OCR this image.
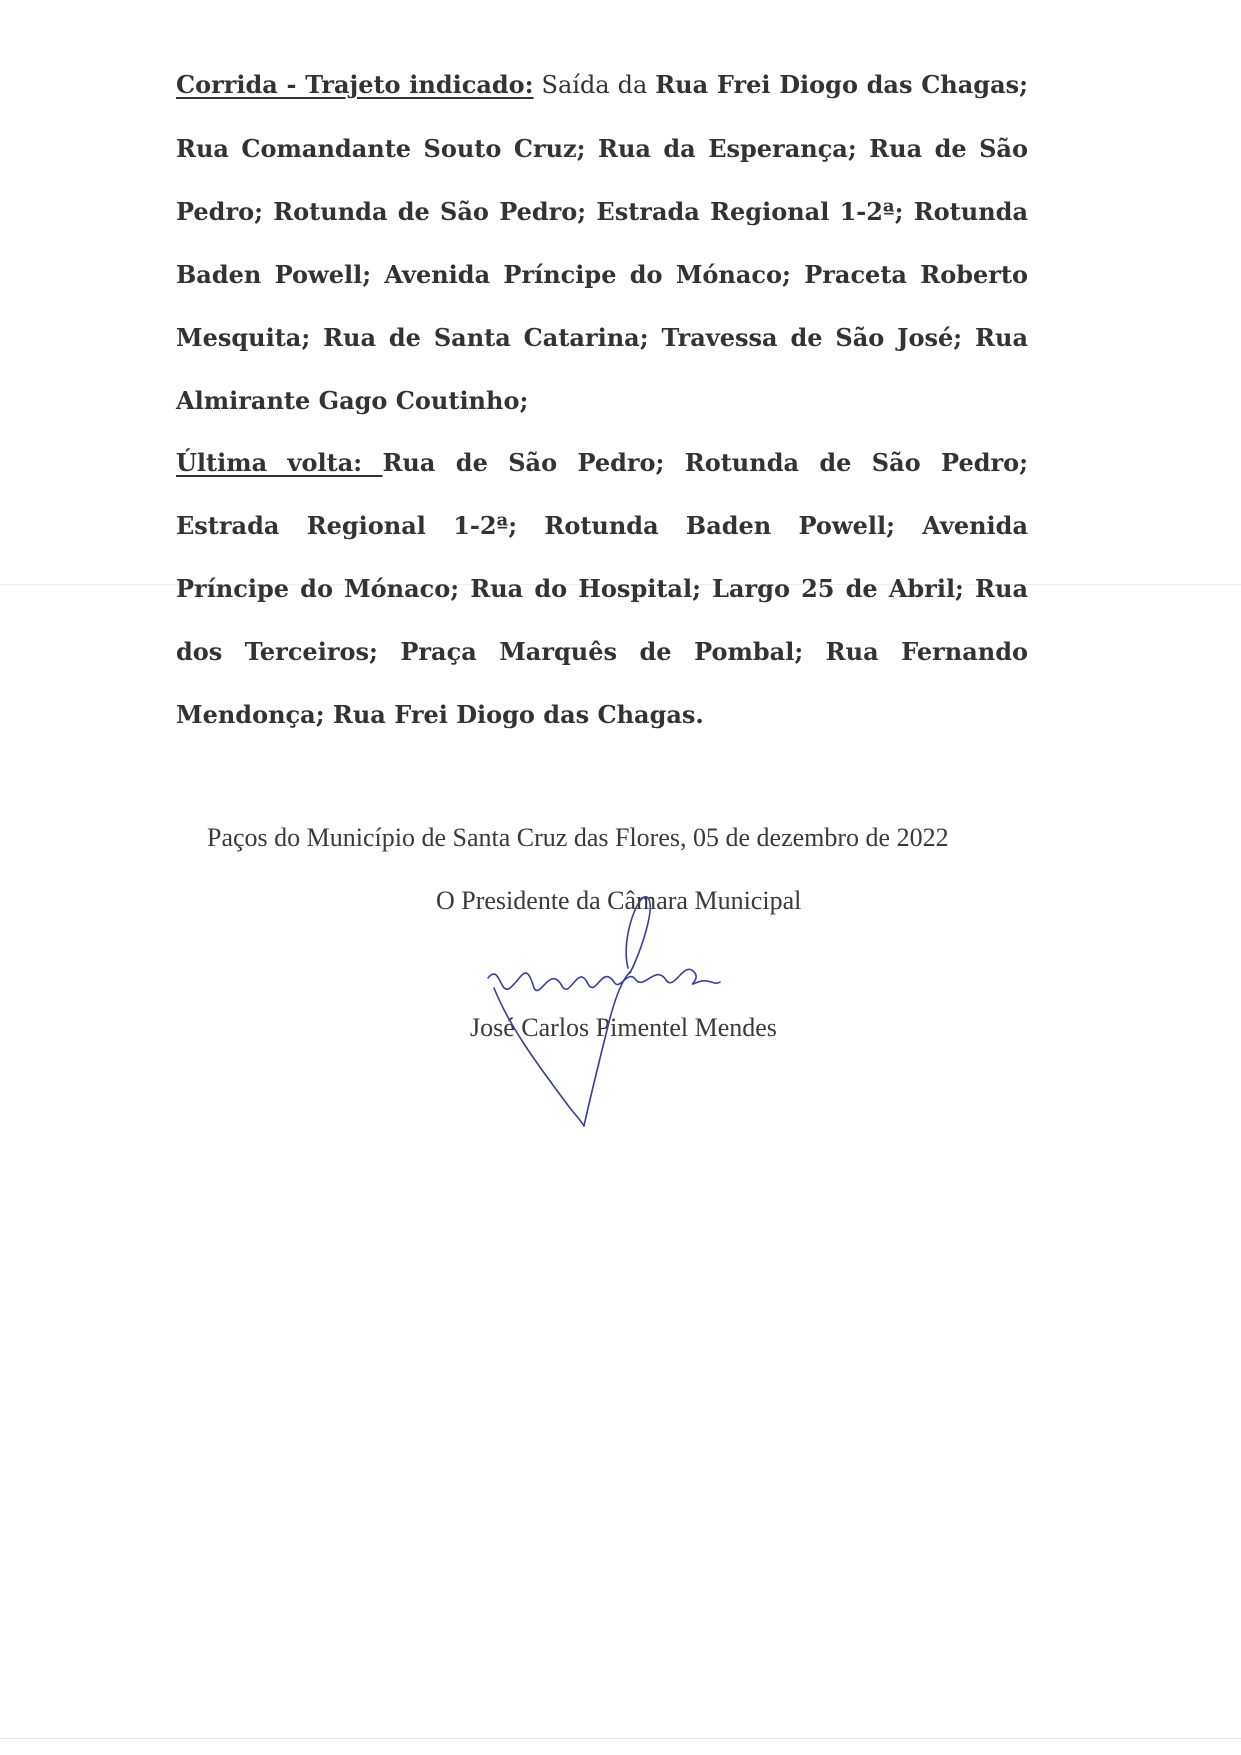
Corrida - Trajeto indicado: Saída da Rua Frei Diogo das Chagas; Rua Comandante Souto Cruz; Rua da Esperança; Rua de São Pedro; Rotunda de São Pedro; Estrada Regional 1-2ª; Rotunda Baden Powell; Avenida Príncipe do Mónaco; Praceta Roberto Mesquita; Rua de Santa Catarina; Travessa de São José; Rua Almirante Gago Coutinho;

Última volta: Rua de São Pedro; Rotunda de São Pedro; Estrada Regional 1-2ª; Rotunda Baden Powell; Avenida Príncipe do Mónaco; Rua do Hospital; Largo 25 de Abril; Rua dos Terceiros; Praça Marquês de Pombal; Rua Fernando Mendonça; Rua Frei Diogo das Chagas.

Paços do Município de Santa Cruz das Flores, 05 de dezembro de 2022
O Presidente da Câmara Municipal
José Carlos Pimentel Mendes
